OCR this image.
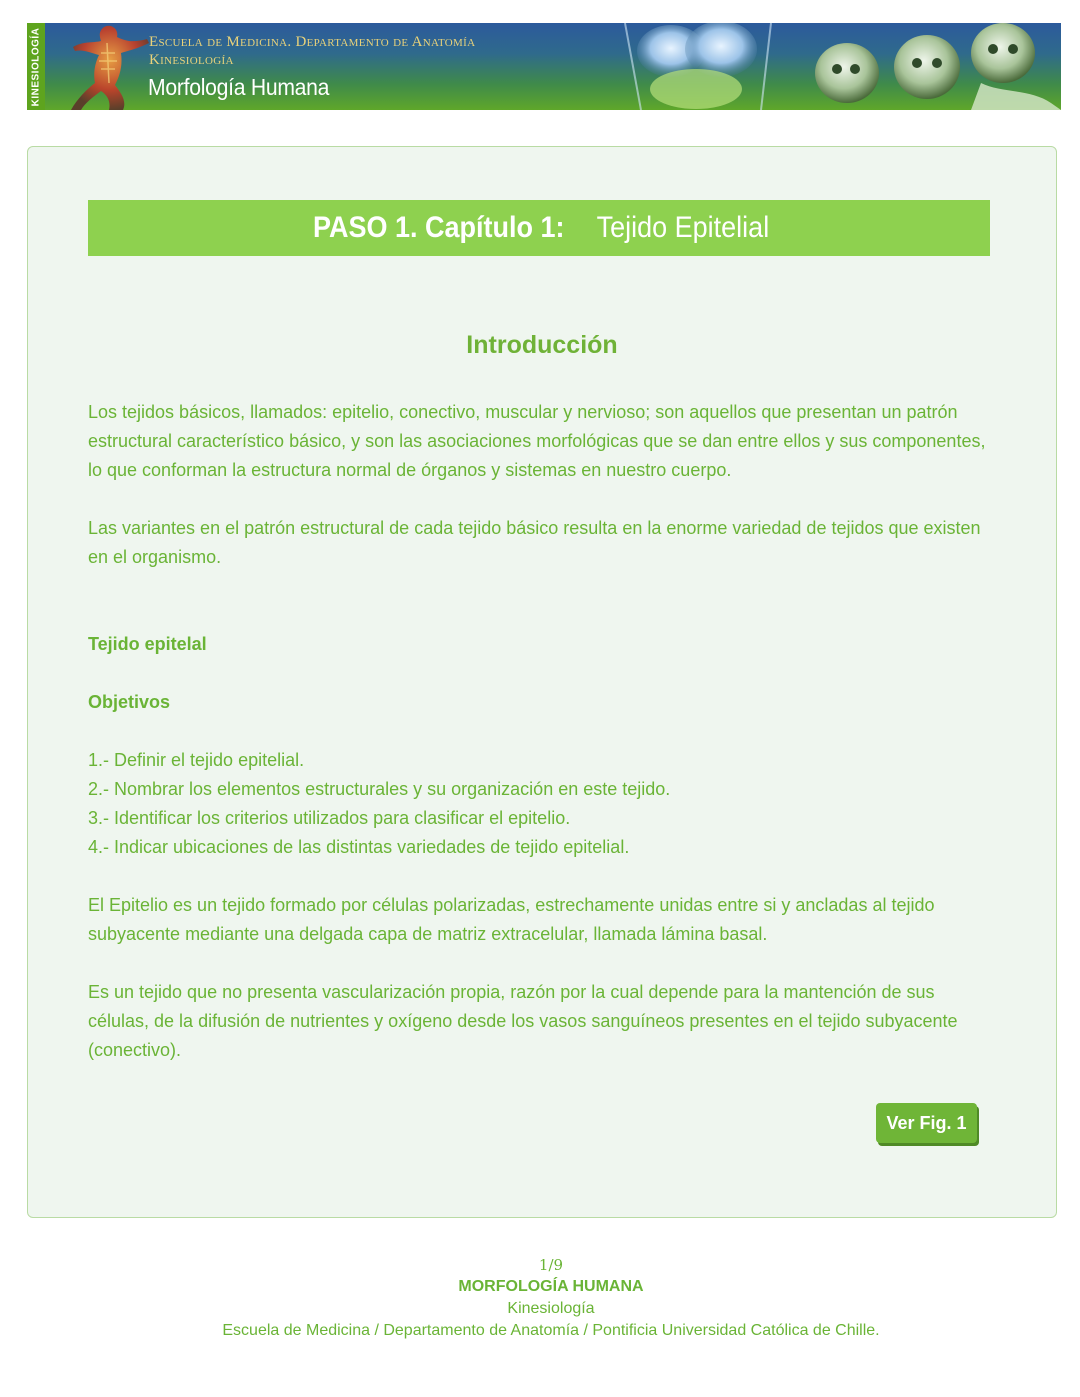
KINESIOLOGÍA	Escuela de Medicina. Departamento de Anatomía
Kinesiología
Morfología Humana
PASO 1. Capítulo 1: Tejido Epitelial
Introducción
Los tejidos básicos, llamados: epitelio, conectivo, muscular y nervioso; son aquellos que presentan un patrón estructural característico básico, y son las asociaciones morfológicas que se dan entre ellos y sus componentes, lo que conforman la estructura normal de órganos y sistemas en nuestro cuerpo.
Las variantes en el patrón estructural de cada tejido básico resulta en la enorme variedad de tejidos que existen en el organismo.
Tejido epitelal
Objetivos
1.- Definir el tejido epitelial.
2.- Nombrar los elementos estructurales y su organización en este tejido.
3.- Identificar los criterios utilizados para clasificar el epitelio.
4.- Indicar ubicaciones de las distintas variedades de tejido epitelial.
El Epitelio es un tejido formado por células polarizadas, estrechamente unidas entre si y ancladas al tejido subyacente mediante una delgada capa de matriz extracelular, llamada lámina basal.
Es un tejido que no presenta vascularización propia, razón por la cual depende para la mantención de sus células, de la difusión de nutrientes y oxígeno desde los vasos sanguíneos presentes en el tejido subyacente (conectivo).
Ver Fig. 1
1/9
MORFOLOGÍA HUMANA
Kinesiología
Escuela de Medicina / Departamento de Anatomía / Pontificia Universidad Católica de Chille.
